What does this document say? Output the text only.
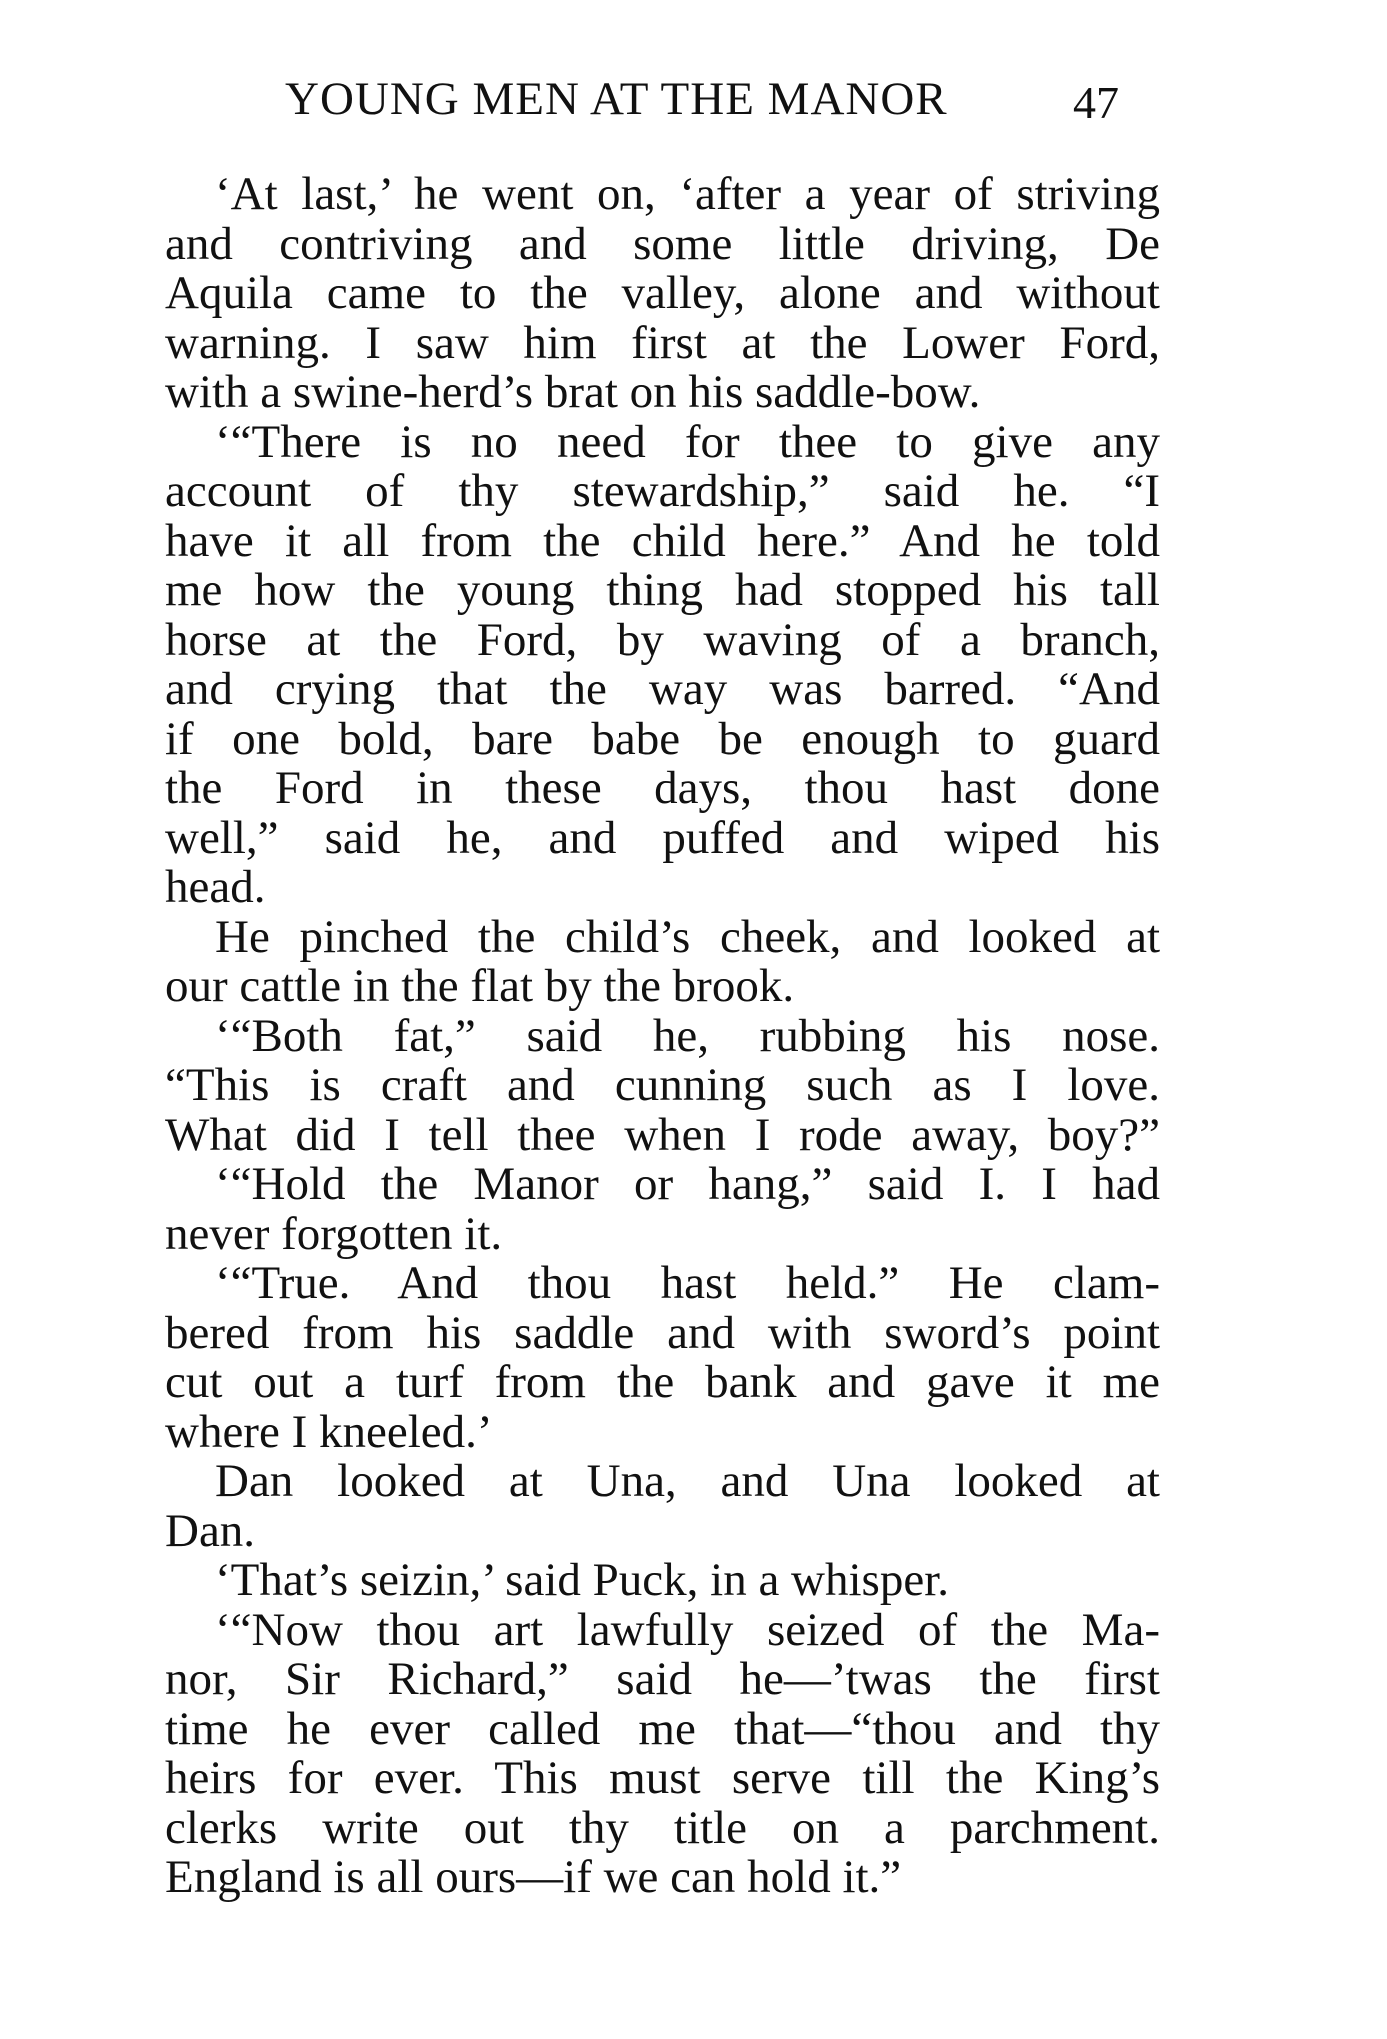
YOUNG MEN AT THE MANOR	47
‘At last,’ he went on, ‘after a year of striving
and contriving and some little driving, De
Aquila came to the valley, alone and without
warning. I saw him first at the Lower Ford,
with a swine-herd’s brat on his saddle-bow.
‘“There is no need for thee to give any
account of thy stewardship,” said he. “I
have it all from the child here.” And he told
me how the young thing had stopped his tall
horse at the Ford, by waving of a branch,
and crying that the way was barred. “And
if one bold, bare babe be enough to guard
the Ford in these days, thou hast done
well,” said he, and puffed and wiped his
head.
He pinched the child’s cheek, and looked at
our cattle in the flat by the brook.
‘“Both fat,” said he, rubbing his nose.
“This is craft and cunning such as I love.
What did I tell thee when I rode away, boy?”
‘“Hold the Manor or hang,” said I. I had
never forgotten it.
‘“True. And thou hast held.” He clam-
bered from his saddle and with sword’s point
cut out a turf from the bank and gave it me
where I kneeled.’
Dan looked at Una, and Una looked at
Dan.
‘That’s seizin,’ said Puck, in a whisper.
‘“Now thou art lawfully seized of the Ma-
nor, Sir Richard,” said he—’twas the first
time he ever called me that—“thou and thy
heirs for ever. This must serve till the King’s
clerks write out thy title on a parchment.
England is all ours—if we can hold it.”
